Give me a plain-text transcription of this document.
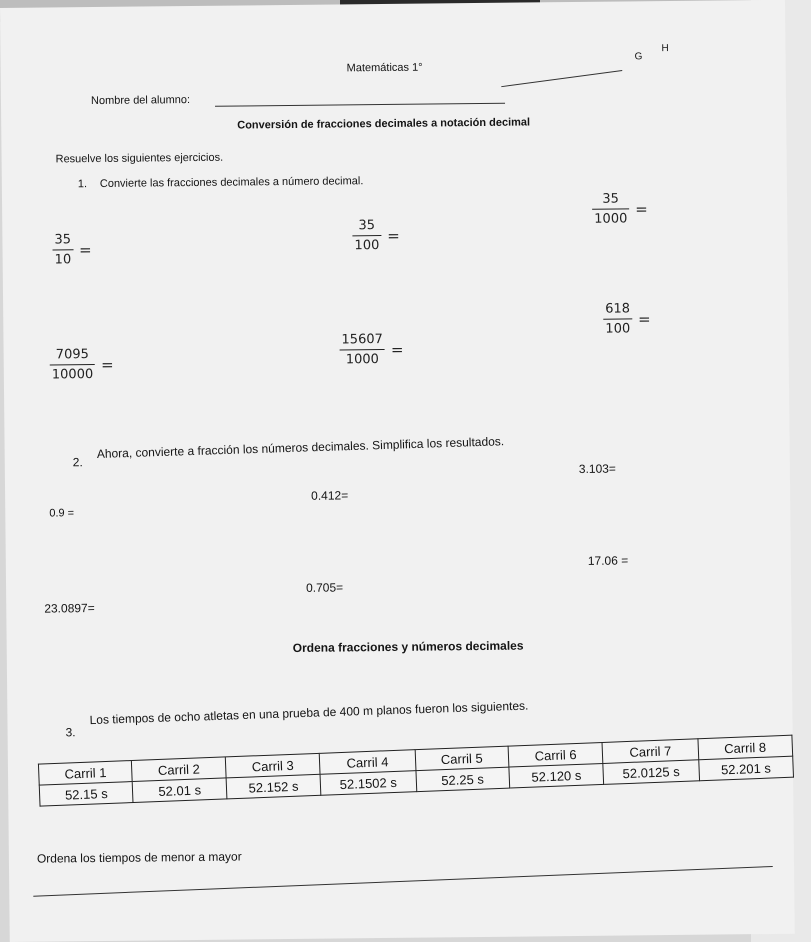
Matemáticas 1°
G
H
Nombre del alumno:
Conversión de fracciones decimales a notación decimal
Resuelve los siguientes ejercicios.
1. Convierte las fracciones decimales a número decimal.
$\frac{35}{10}$ =	$\frac{35}{100}$ =
$\frac{35}{1000}$ =
$\frac{7095}{10000}$ =	$\frac{15607}{1000}$ =
$\frac{618}{100}$ =
2.
Ahora, convierte a fracción los números decimales. Simplifica los resultados.
0.9 =
0.412=
3.103=
23.0897=
0.705=
17.06 =
Ordena fracciones y números decimales
3.
Los tiempos de ocho atletas en una prueba de 400 m planos fueron los siguientes.
Carril 1	Carril 2	Carril 3	Carril 4	Carril 5	Carril 6	Carril 7	Carril 8
52.15 s	52.01 s	52.152 s	52.1502 s	52.25 s	52.120 s	52.0125 s	52.201 s
Ordena los tiempos de menor a mayor
